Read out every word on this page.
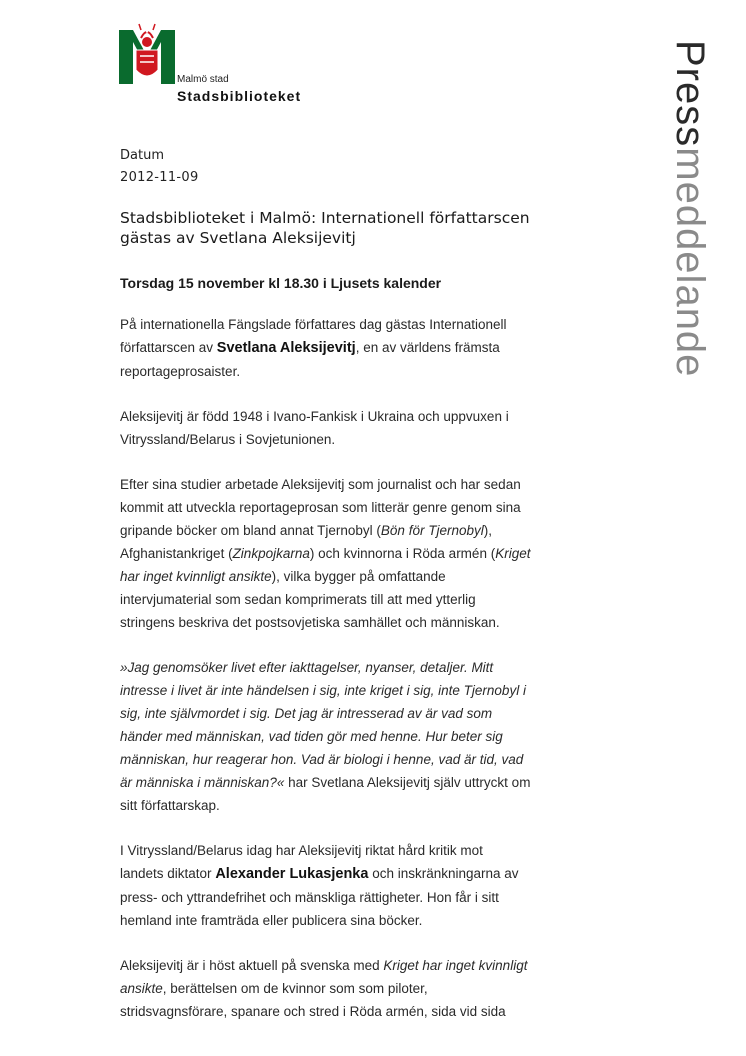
Malmö stad
Stadsbiblioteket	Pressmeddelande
Datum
2012-11-09
Stadsbiblioteket i Malmö: Internationell författarscen
gästas av Svetlana Aleksijevitj

Torsdag 15 november kl 18.30 i Ljusets kalender

På internationella Fängslade författares dag gästas Internationell
författarscen av Svetlana Aleksijevitj, en av världens främsta
reportageprosaister.

Aleksijevitj är född 1948 i Ivano-Fankisk i Ukraina och uppvuxen i
Vitryssland/Belarus i Sovjetunionen.

Efter sina studier arbetade Aleksijevitj som journalist och har sedan
kommit att utveckla reportageprosan som litterär genre genom sina
gripande böcker om bland annat Tjernobyl (Bön för Tjernobyl),
Afghanistankriget (Zinkpojkarna) och kvinnorna i Röda armén (Kriget
har inget kvinnligt ansikte), vilka bygger på omfattande
intervjumaterial som sedan komprimerats till att med ytterlig
stringens beskriva det postsovjetiska samhället och människan.

»Jag genomsöker livet efter iakttagelser, nyanser, detaljer. Mitt
intresse i livet är inte händelsen i sig, inte kriget i sig, inte Tjernobyl i
sig, inte självmordet i sig. Det jag är intresserad av är vad som
händer med människan, vad tiden gör med henne. Hur beter sig
människan, hur reagerar hon. Vad är biologi i henne, vad är tid, vad
är människa i människan?« har Svetlana Aleksijevitj själv uttryckt om
sitt författarskap.

I Vitryssland/Belarus idag har Aleksijevitj riktat hård kritik mot
landets diktator Alexander Lukasjenka och inskränkningarna av
press- och yttrandefrihet och mänskliga rättigheter. Hon får i sitt
hemland inte framträda eller publicera sina böcker.

Aleksijevitj är i höst aktuell på svenska med Kriget har inget kvinnligt
ansikte, berättelsen om de kvinnor som som piloter,
stridsvagnsförare, spanare och stred i Röda armén, sida vid sida
